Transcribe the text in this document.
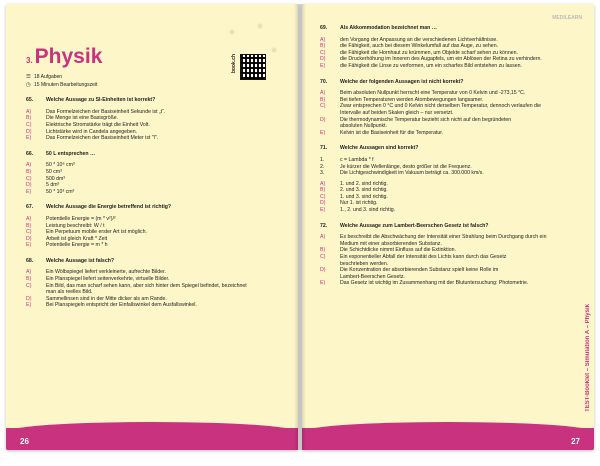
3. Physik
☰ 18 Aufgaben
◷ 15 Minuten Bearbeitungszeit
65.	Welche Aussage zu SI-Einheiten ist korrekt?
A)	Das Formelzeichen der Basiseinheit Sekunde ist „t“.
B)	Die Menge ist eine Basisgröße.
C)	Elektrische Stromstärke trägt die Einheit Volt.
D)	Lichtstärke wird in Candela angegeben.
E)	Das Formelzeichen der Basiseinheit Meter ist "l".
66.	50 L entsprechen …
A)	50 * 10⁶ cm³
B)	50 cm³
C)	500 dm³
D)	5 dm³
E)	50 * 10³ cm³
67.	Welche Aussage die Energie betreffend ist richtig?
A)	Potentielle Energie = (m * v²)/²
B)	Leistung beschreibt: W / t
C)	Ein Perpetuum mobile erster Art ist möglich.
D)	Arbeit ist gleich Kraft * Zeit
E)	Potentielle Energie = m * h
68.	Welche Aussage ist falsch?
A)	Ein Wölbspiegel liefert verkleinerte, aufrechte Bilder.
B)	Ein Planspiegel liefert seitenverkehrte, virtuelle Bilder.
C)	Ein Bild, das man scharf sehen kann, aber sich hinter dem Spiegel befindet, bezeichnet
man als reelles Bild.
D)	Sammellinsen sind in der Mitte dicker als am Rande.
E)	Bei Planspiegeln entspricht der Einfallswinkel dem Ausfallswinkel.
book.ch
26
MEDILEARN
69.	Als Akkommodation bezeichnet man …
A)	den Vorgang der Anpassung an die verschiedenen Lichtverhältnisse.
B)	die Fähigkeit, auch bei diesem Winkelumfall auf das Auge, zu sehen.
C)	die Fähigkeit die Hornhaut zu krümmen, um Objekte scharf sehen zu können.
D)	die Druckerhöhung im Inneren des Augapfels, um ein Ablösen der Retina zu verhindern.
E)	die Fähigkeit die Linse zu verformen, um ein scharfes Bild entstehen zu lassen.
70.	Welche der folgenden Aussagen ist nicht korrekt?
A)	Beim absoluten Nullpunkt herrscht eine Temperatur von 0 Kelvin und -273,15 °C.
B)	Bei tiefen Temperaturen werden Atombewegungen langsamer.
C)	Zwar entsprechen 0 °C und 0 Kelvin nicht derselben Temperatur, dennoch verlaufen die
Intervalle auf beiden Skalen gleich – nur versetzt.
D)	Die thermodynamische Temperatur bezieht sich nicht auf den begründeten
absoluten Nullpunkt.
E)	Kelvin ist die Basiseinheit für die Temperatur.
71.	Welche Aussagen sind korrekt?
1.	c = Lambda * f
2.	Je kürzer die Wellenlänge, desto größer ist die Frequenz.
3.	Die Lichtgeschwindigkeit im Vakuum beträgt ca. 300.000 km/s.
A)	1. und 2. sind richtig.
B)	2. und 3. sind richtig.
C)	1. und 3. sind richtig.
D)	Nur 1. ist richtig.
E)	1., 2. und 3. sind richtig.
72.	Welche Aussage zum Lambert-Beerschen Gesetz ist falsch?
A)	Es beschreibt die Abschwächung der Intensität einer Strahlung beim Durchgang durch ein
Medium mit einer absorbierenden Substanz.
B)	Die Schichtdicke nimmt Einfluss auf die Extinktion.
C)	Ein exponentieller Abfall der Intensität des Lichts kann durch das Gesetz
beschrieben werden.
D)	Die Konzentration der absorbierenden Substanz spielt keine Rolle im
Lambert-Beerschen Gesetz.
E)	Das Gesetz ist wichtig im Zusammenhang mit der Blutuntersuchung: Photometrie.
TEST-Booklet – Simulation A – Physik
27
